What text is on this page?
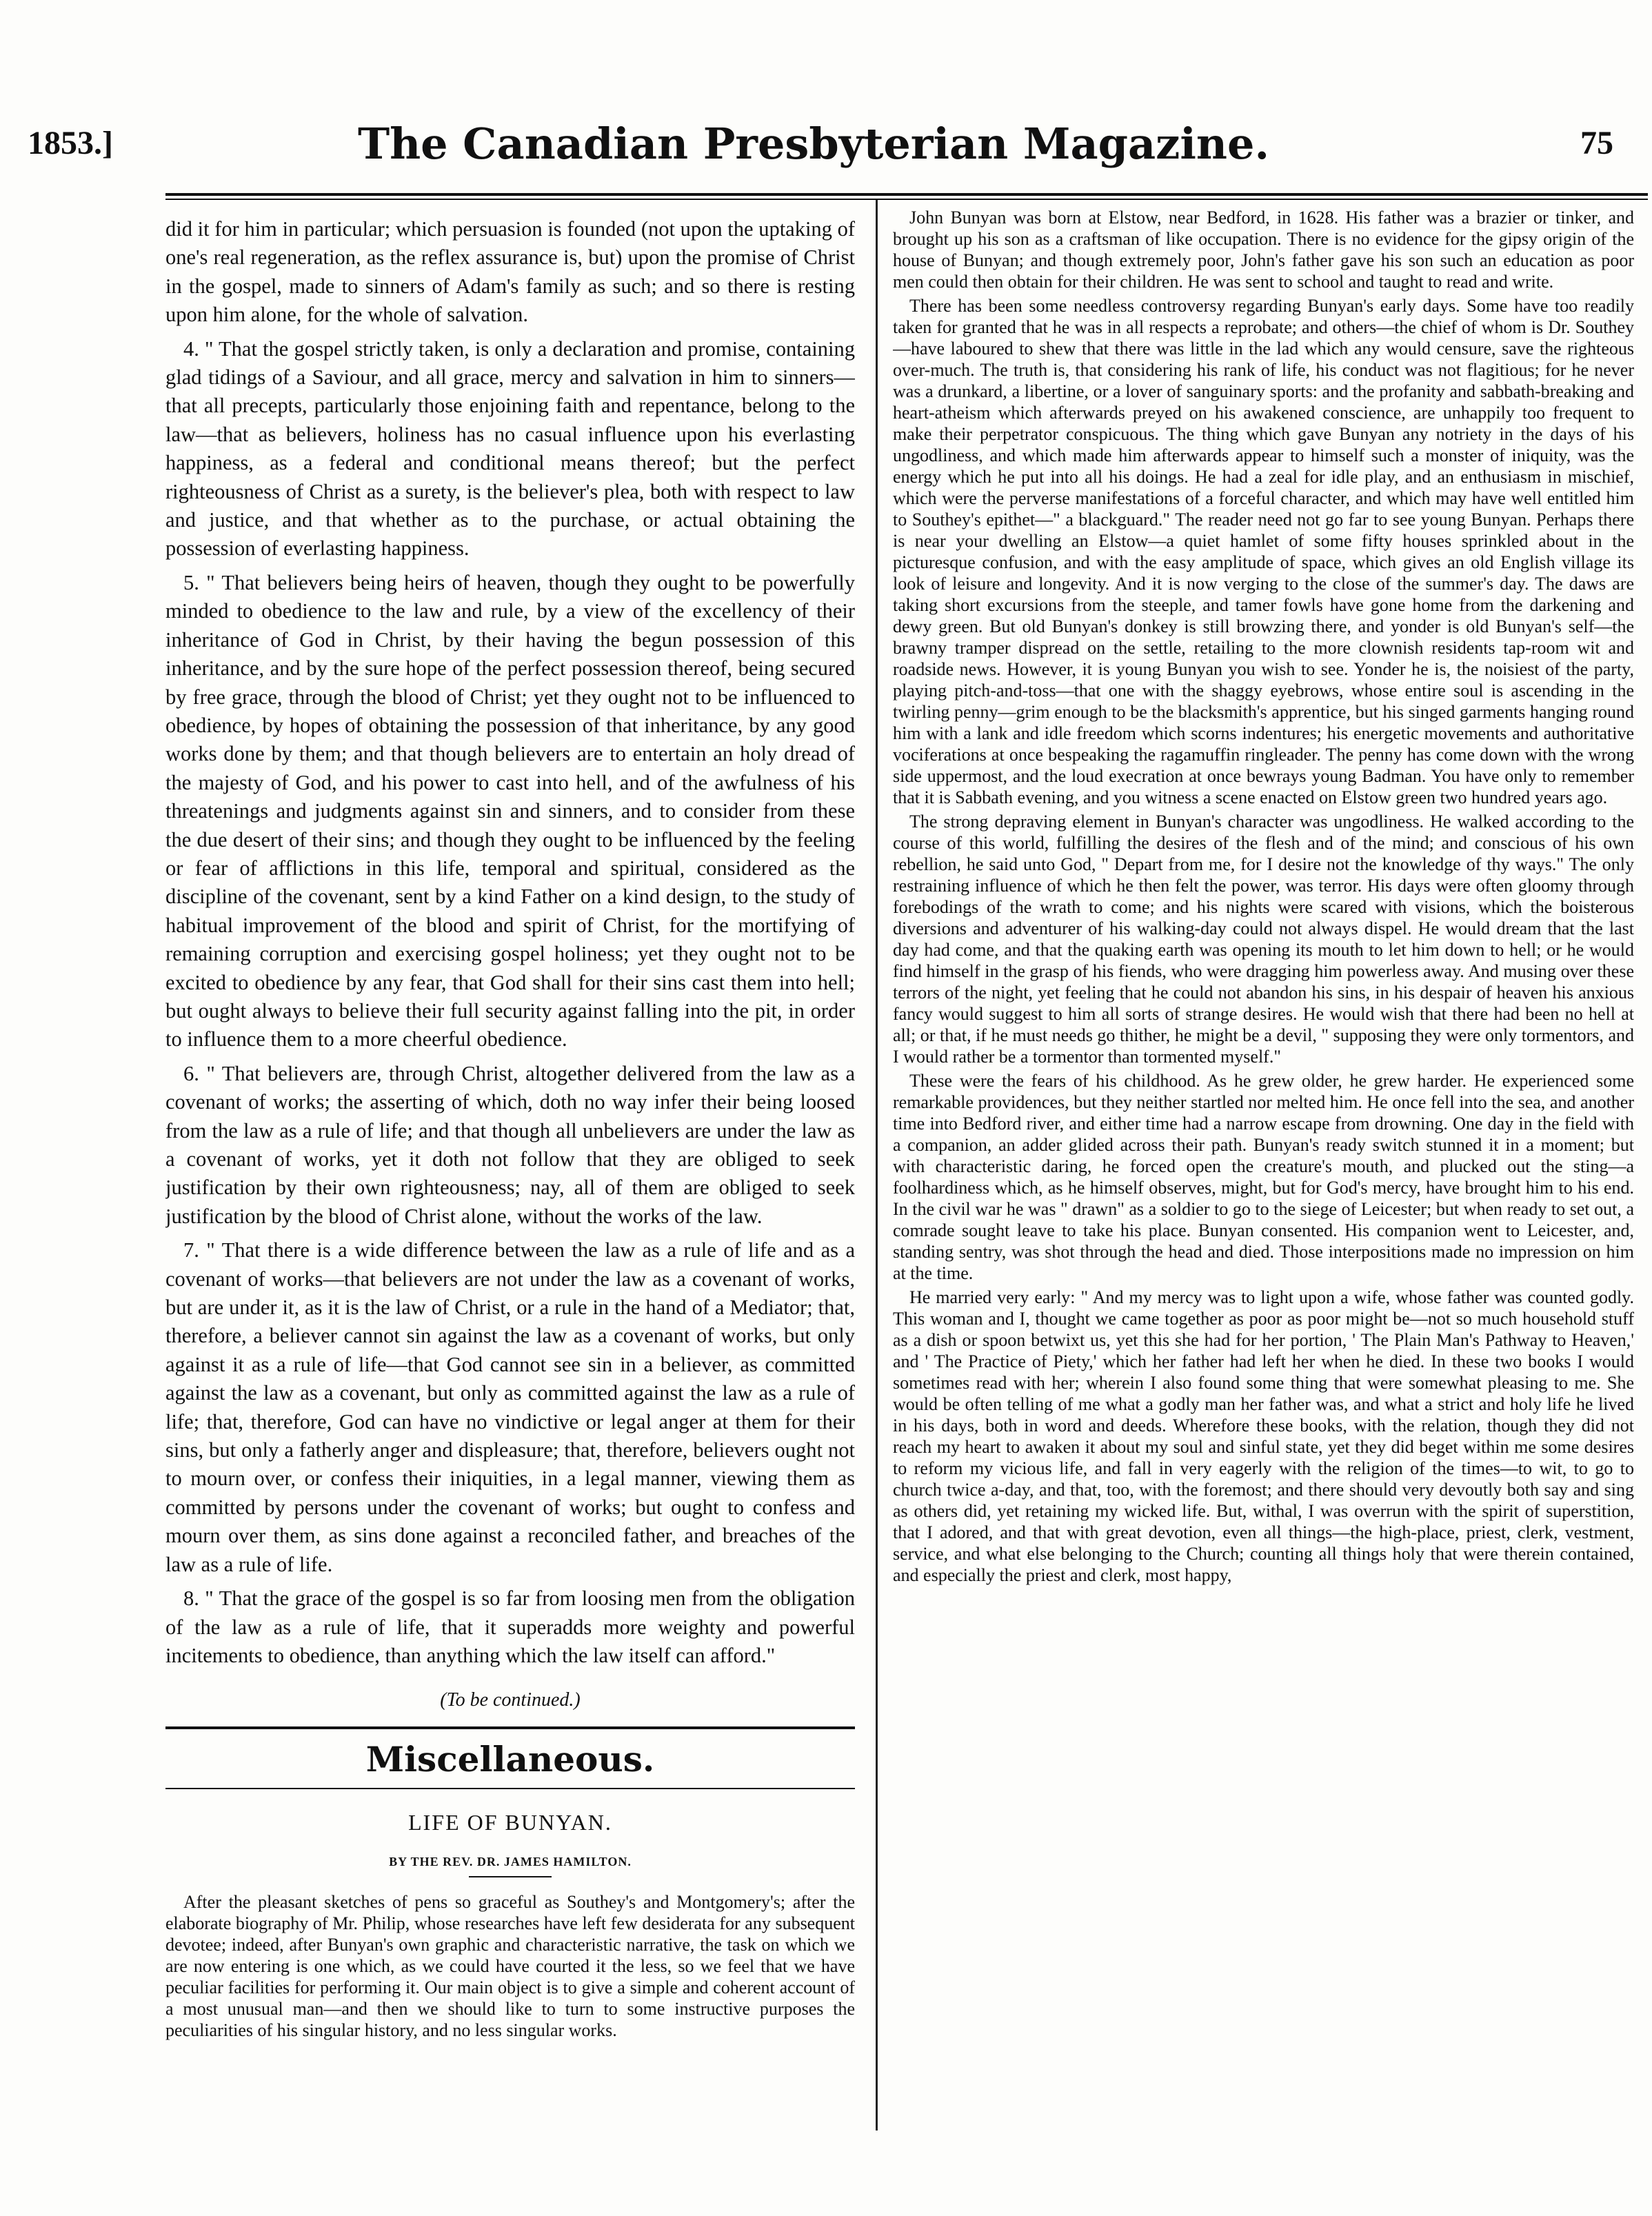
1853.]	The Canadian Presbyterian Magazine.	75

did it for him in particular; which persuasion is founded (not upon the uptaking of one's real regeneration, as the reflex assurance is, but) upon the promise of Christ in the gospel, made to sinners of Adam's family as such; and so there is resting upon him alone, for the whole of salvation.

4. " That the gospel strictly taken, is only a declaration and promise, containing glad tidings of a Saviour, and all grace, mercy and salvation in him to sinners—that all precepts, particularly those enjoining faith and repentance, belong to the law—that as believers, holiness has no casual influence upon his everlasting happiness, as a federal and conditional means thereof; but the perfect righteousness of Christ as a surety, is the believer's plea, both with respect to law and justice, and that whether as to the purchase, or actual obtaining the possession of everlasting happiness.

5. " That believers being heirs of heaven, though they ought to be powerfully minded to obedience to the law and rule, by a view of the excellency of their inheritance of God in Christ, by their having the begun possession of this inheritance, and by the sure hope of the perfect possession thereof, being secured by free grace, through the blood of Christ; yet they ought not to be influenced to obedience, by hopes of obtaining the possession of that inheritance, by any good works done by them; and that though believers are to entertain an holy dread of the majesty of God, and his power to cast into hell, and of the awfulness of his threatenings and judgments against sin and sinners, and to consider from these the due desert of their sins; and though they ought to be influenced by the feeling or fear of afflictions in this life, temporal and spiritual, considered as the discipline of the covenant, sent by a kind Father on a kind design, to the study of habitual improvement of the blood and spirit of Christ, for the mortifying of remaining corruption and exercising gospel holiness; yet they ought not to be excited to obedience by any fear, that God shall for their sins cast them into hell; but ought always to believe their full security against falling into the pit, in order to influence them to a more cheerful obedience.

6. " That believers are, through Christ, altogether delivered from the law as a covenant of works; the asserting of which, doth no way infer their being loosed from the law as a rule of life; and that though all unbelievers are under the law as a covenant of works, yet it doth not follow that they are obliged to seek justification by their own righteousness; nay, all of them are obliged to seek justification by the blood of Christ alone, without the works of the law.

7. " That there is a wide difference between the law as a rule of life and as a covenant of works—that believers are not under the law as a covenant of works, but are under it, as it is the law of Christ, or a rule in the hand of a Mediator; that, therefore, a believer cannot sin against the law as a covenant of works, but only against it as a rule of life—that God cannot see sin in a believer, as committed against the law as a covenant, but only as committed against the law as a rule of life; that, therefore, God can have no vindictive or legal anger at them for their sins, but only a fatherly anger and displeasure; that, therefore, believers ought not to mourn over, or confess their iniquities, in a legal manner, viewing them as committed by persons under the covenant of works; but ought to confess and mourn over them, as sins done against a reconciled father, and breaches of the law as a rule of life.

8. " That the grace of the gospel is so far from loosing men from the obligation of the law as a rule of life, that it superadds more weighty and powerful incitements to obedience, than anything which the law itself can afford."

(To be continued.)
Miscellaneous.
LIFE OF BUNYAN.
BY THE REV. DR. JAMES HAMILTON.

After the pleasant sketches of pens so graceful as Southey's and Montgomery's; after the elaborate biography of Mr. Philip, whose researches have left few desiderata for any subsequent devotee; indeed, after Bunyan's own graphic and characteristic narrative, the task on which we are now entering is one which, as we could have courted it the less, so we feel that we have peculiar facilities for performing it. Our main object is to give a simple and coherent account of a most unusual man—and then we should like to turn to some instructive purposes the peculiarities of his singular history, and no less singular works.

John Bunyan was born at Elstow, near Bedford, in 1628. His father was a brazier or tinker, and brought up his son as a craftsman of like occupation. There is no evidence for the gipsy origin of the house of Bunyan; and though extremely poor, John's father gave his son such an education as poor men could then obtain for their children. He was sent to school and taught to read and write.

There has been some needless controversy regarding Bunyan's early days. Some have too readily taken for granted that he was in all respects a reprobate; and others—the chief of whom is Dr. Southey—have laboured to shew that there was little in the lad which any would censure, save the righteous over-much. The truth is, that considering his rank of life, his conduct was not flagitious; for he never was a drunkard, a libertine, or a lover of sanguinary sports: and the profanity and sabbath-breaking and heart-atheism which afterwards preyed on his awakened conscience, are unhappily too frequent to make their perpetrator conspicuous. The thing which gave Bunyan any notriety in the days of his ungodliness, and which made him afterwards appear to himself such a monster of iniquity, was the energy which he put into all his doings. He had a zeal for idle play, and an enthusiasm in mischief, which were the perverse manifestations of a forceful character, and which may have well entitled him to Southey's epithet—" a blackguard." The reader need not go far to see young Bunyan. Perhaps there is near your dwelling an Elstow—a quiet hamlet of some fifty houses sprinkled about in the picturesque confusion, and with the easy amplitude of space, which gives an old English village its look of leisure and longevity. And it is now verging to the close of the summer's day. The daws are taking short excursions from the steeple, and tamer fowls have gone home from the darkening and dewy green. But old Bunyan's donkey is still browzing there, and yonder is old Bunyan's self—the brawny tramper dispread on the settle, retailing to the more clownish residents tap-room wit and roadside news. However, it is young Bunyan you wish to see. Yonder he is, the noisiest of the party, playing pitch-and-toss—that one with the shaggy eyebrows, whose entire soul is ascending in the twirling penny—grim enough to be the blacksmith's apprentice, but his singed garments hanging round him with a lank and idle freedom which scorns indentures; his energetic movements and authoritative vociferations at once bespeaking the ragamuffin ringleader. The penny has come down with the wrong side uppermost, and the loud execration at once bewrays young Badman. You have only to remember that it is Sabbath evening, and you witness a scene enacted on Elstow green two hundred years ago.

The strong depraving element in Bunyan's character was ungodliness. He walked according to the course of this world, fulfilling the desires of the flesh and of the mind; and conscious of his own rebellion, he said unto God, " Depart from me, for I desire not the knowledge of thy ways." The only restraining influence of which he then felt the power, was terror. His days were often gloomy through forebodings of the wrath to come; and his nights were scared with visions, which the boisterous diversions and adventurer of his walking-day could not always dispel. He would dream that the last day had come, and that the quaking earth was opening its mouth to let him down to hell; or he would find himself in the grasp of his fiends, who were dragging him powerless away. And musing over these terrors of the night, yet feeling that he could not abandon his sins, in his despair of heaven his anxious fancy would suggest to him all sorts of strange desires. He would wish that there had been no hell at all; or that, if he must needs go thither, he might be a devil, " supposing they were only tormentors, and I would rather be a tormentor than tormented myself."

These were the fears of his childhood. As he grew older, he grew harder. He experienced some remarkable providences, but they neither startled nor melted him. He once fell into the sea, and another time into Bedford river, and either time had a narrow escape from drowning. One day in the field with a companion, an adder glided across their path. Bunyan's ready switch stunned it in a moment; but with characteristic daring, he forced open the creature's mouth, and plucked out the sting—a foolhardiness which, as he himself observes, might, but for God's mercy, have brought him to his end. In the civil war he was " drawn" as a soldier to go to the siege of Leicester; but when ready to set out, a comrade sought leave to take his place. Bunyan consented. His companion went to Leicester, and, standing sentry, was shot through the head and died. Those interpositions made no impression on him at the time.

He married very early: " And my mercy was to light upon a wife, whose father was counted godly. This woman and I, thought we came together as poor as poor might be—not so much household stuff as a dish or spoon betwixt us, yet this she had for her portion, ' The Plain Man's Pathway to Heaven,' and ' The Practice of Piety,' which her father had left her when he died. In these two books I would sometimes read with her; wherein I also found some thing that were somewhat pleasing to me. She would be often telling of me what a godly man her father was, and what a strict and holy life he lived in his days, both in word and deeds. Wherefore these books, with the relation, though they did not reach my heart to awaken it about my soul and sinful state, yet they did beget within me some desires to reform my vicious life, and fall in very eagerly with the religion of the times—to wit, to go to church twice a-day, and that, too, with the foremost; and there should very devoutly both say and sing as others did, yet retaining my wicked life. But, withal, I was overrun with the spirit of superstition, that I adored, and that with great devotion, even all things—the high-place, priest, clerk, vestment, service, and what else belonging to the Church; counting all things holy that were therein contained, and especially the priest and clerk, most happy,
